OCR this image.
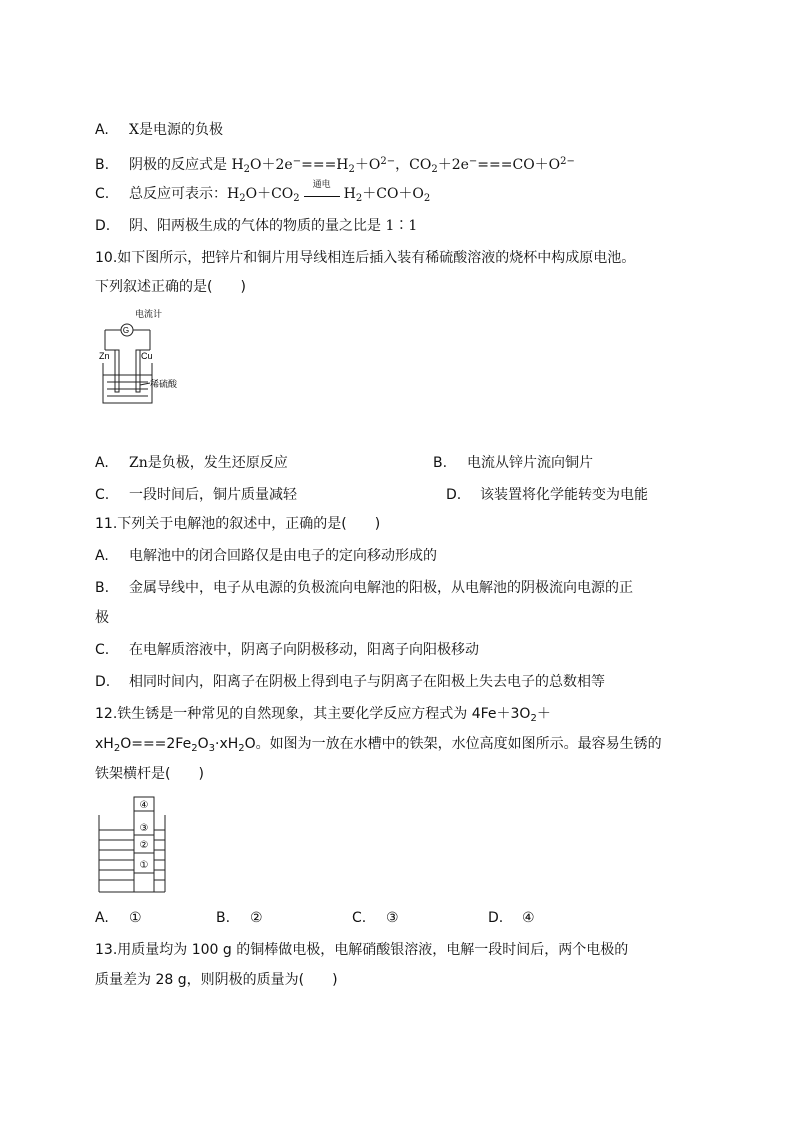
A. X是电源的负极
B. 阴极的反应式是 $H_2O+2e^-===H_2+O^{2-}$，$CO_2+2e^-===CO+O^{2-}$
C. 总反应可表示：$H_2O+CO_2$
通电
$H_2+CO+O_2$
D. 阴、阳两极生成的气体的物质的量之比是 1∶1
10.如下图所示，把锌片和铜片用导线相连后插入装有稀硫酸溶液的烧杯中构成原电池。
下列叙述正确的是(　　)
G
电流计
Zn	Cu
稀硫酸
A. Zn是负极，发生还原反应	B. 电流从锌片流向铜片
C. 一段时间后，铜片质量减轻	D. 该装置将化学能转变为电能
11.下列关于电解池的叙述中，正确的是(　　)
A. 电解池中的闭合回路仅是由电子的定向移动形成的
B. 金属导线中，电子从电源的负极流向电解池的阳极，从电解池的阴极流向电源的正
极
C. 在电解质溶液中，阴离子向阴极移动，阳离子向阳极移动
D. 相同时间内，阳离子在阴极上得到电子与阴离子在阳极上失去电子的总数相等
12.铁生锈是一种常见的自然现象，其主要化学反应方程式为 $4Fe+3O_2+$
$xH_2O===2Fe_2O_3\cdot xH_2O$。如图为一放在水槽中的铁架，水位高度如图所示。最容易生锈的
铁架横杆是(　　)
④
③
②
①
A. ①	B. ②	C. ③	D. ④
13.用质量均为 100 g 的铜棒做电极，电解硝酸银溶液，电解一段时间后，两个电极的
质量差为 28 g，则阴极的质量为(　　)
